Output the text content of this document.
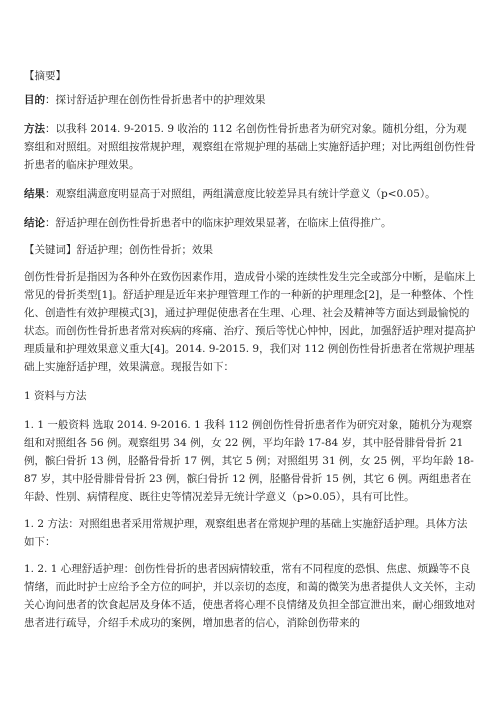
【摘要】

目的：探讨舒适护理在创伤性骨折患者中的护理效果

方法：以我科 2014. 9-2015. 9 收治的 112 名创伤性骨折患者为研究对象。随机分组，分为观察组和对照组。对照组按常规护理，观察组在常规护理的基础上实施舒适护理；对比两组创伤性骨折患者的临床护理效果。

结果：观察组满意度明显高于对照组，两组满意度比较差异具有统计学意义（p<0.05）。

结论：舒适护理在创伤性骨折患者中的临床护理效果显著，在临床上值得推广。

【关键词】舒适护理；创伤性骨折；效果

创伤性骨折是指因为各种外在致伤因素作用，造成骨小梁的连续性发生完全或部分中断，是临床上常见的骨折类型[1]。舒适护理是近年来护理管理工作的一种新的护理理念[2]，是一种整体、个性化、创造性有效护理模式[3]，通过护理促使患者在生理、心理、社会及精神等方面达到最愉悦的状态。而创伤性骨折患者常对疾病的疼痛、治疗、预后等忧心忡忡，因此，加强舒适护理对提高护理质量和护理效果意义重大[4]。2014. 9-2015. 9，我们对 112 例创伤性骨折患者在常规护理基础上实施舒适护理，效果满意。现报告如下：

1 资料与方法

1. 1 一般资料 选取 2014. 9-2016. 1 我科 112 例创伤性骨折患者作为研究对象，随机分为观察组和对照组各 56 例。观察组男 34 例，女 22 例，平均年龄 17-84 岁，其中胫骨腓骨骨折 21 例，髌臼骨折 13 例，胫骼骨骨折 17 例，其它 5 例；对照组男 31 例，女 25 例，平均年龄 18-87 岁，其中胫骨腓骨骨折 23 例，髌臼骨折 12 例，胫骼骨骨折 15 例，其它 6 例。两组患者在年龄、性别、病情程度、既往史等情况差异无统计学意义（p>0.05），具有可比性。

1. 2 方法：对照组患者采用常规护理，观察组患者在常规护理的基础上实施舒适护理。具体方法如下：

1. 2. 1 心理舒适护理：创伤性骨折的患者因病情较重，常有不同程度的恐惧、焦虑、烦躁等不良情绪，而此时护士应给予全方位的呵护，并以亲切的态度，和蔼的微笑为患者提供人文关怀，主动关心询问患者的饮食起居及身体不适，使患者将心理不良情绪及负担全部宣泄出来，耐心细致地对患者进行疏导，介绍手术成功的案例，增加患者的信心，消除创伤带来的
